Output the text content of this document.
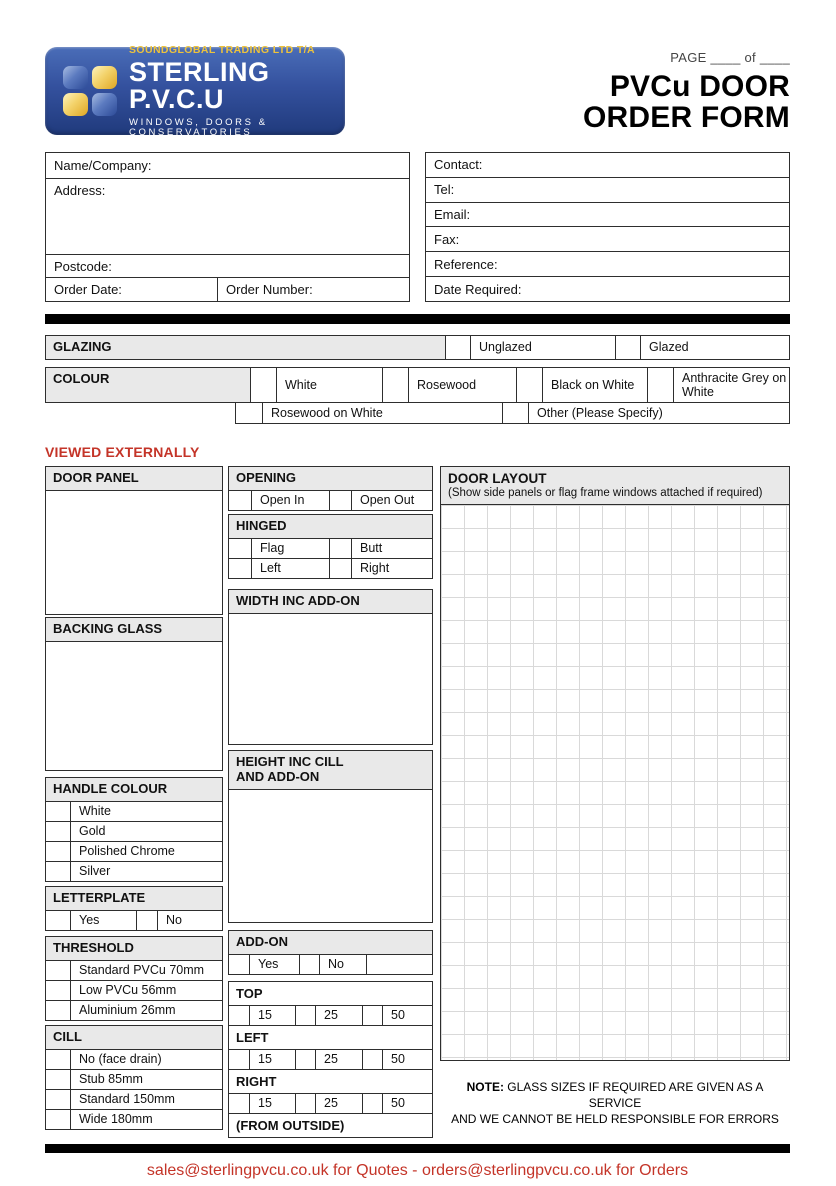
SOUNDGLOBAL TRADING LTD T/A
STERLING P.V.C.U
WINDOWS, DOORS & CONSERVATORIES
PAGE ____ of ____
PVCu DOOR
ORDER FORM
Name/Company:
Address:
Postcode:
Order Date:	Order Number:
Contact:
Tel:
Email:
Fax:
Reference:
Date Required:
GLAZING	Unglazed	Glazed
COLOUR	White	Rosewood	Black on White	Anthracite Grey on White
Rosewood on White	Other (Please Specify)
VIEWED EXTERNALLY
DOOR PANEL
BACKING GLASS
HANDLE COLOUR
White
Gold
Polished Chrome
Silver
LETTERPLATE
Yes	No
THRESHOLD
Standard PVCu 70mm
Low PVCu 56mm
Aluminium 26mm
CILL
No (face drain)
Stub 85mm
Standard 150mm
Wide 180mm
OPENING
Open In	Open Out
HINGED
Flag	Butt
Left	Right
WIDTH INC ADD-ON
HEIGHT INC CILL
AND ADD-ON
ADD-ON
Yes	No
TOP
15	25	50
LEFT
15	25	50
RIGHT
15	25	50
(FROM OUTSIDE)
DOOR LAYOUT
(Show side panels or flag frame windows attached if required)
NOTE: GLASS SIZES IF REQUIRED ARE GIVEN AS A SERVICE
AND WE CANNOT BE HELD RESPONSIBLE FOR ERRORS
sales@sterlingpvcu.co.uk for Quotes - orders@sterlingpvcu.co.uk for Orders
